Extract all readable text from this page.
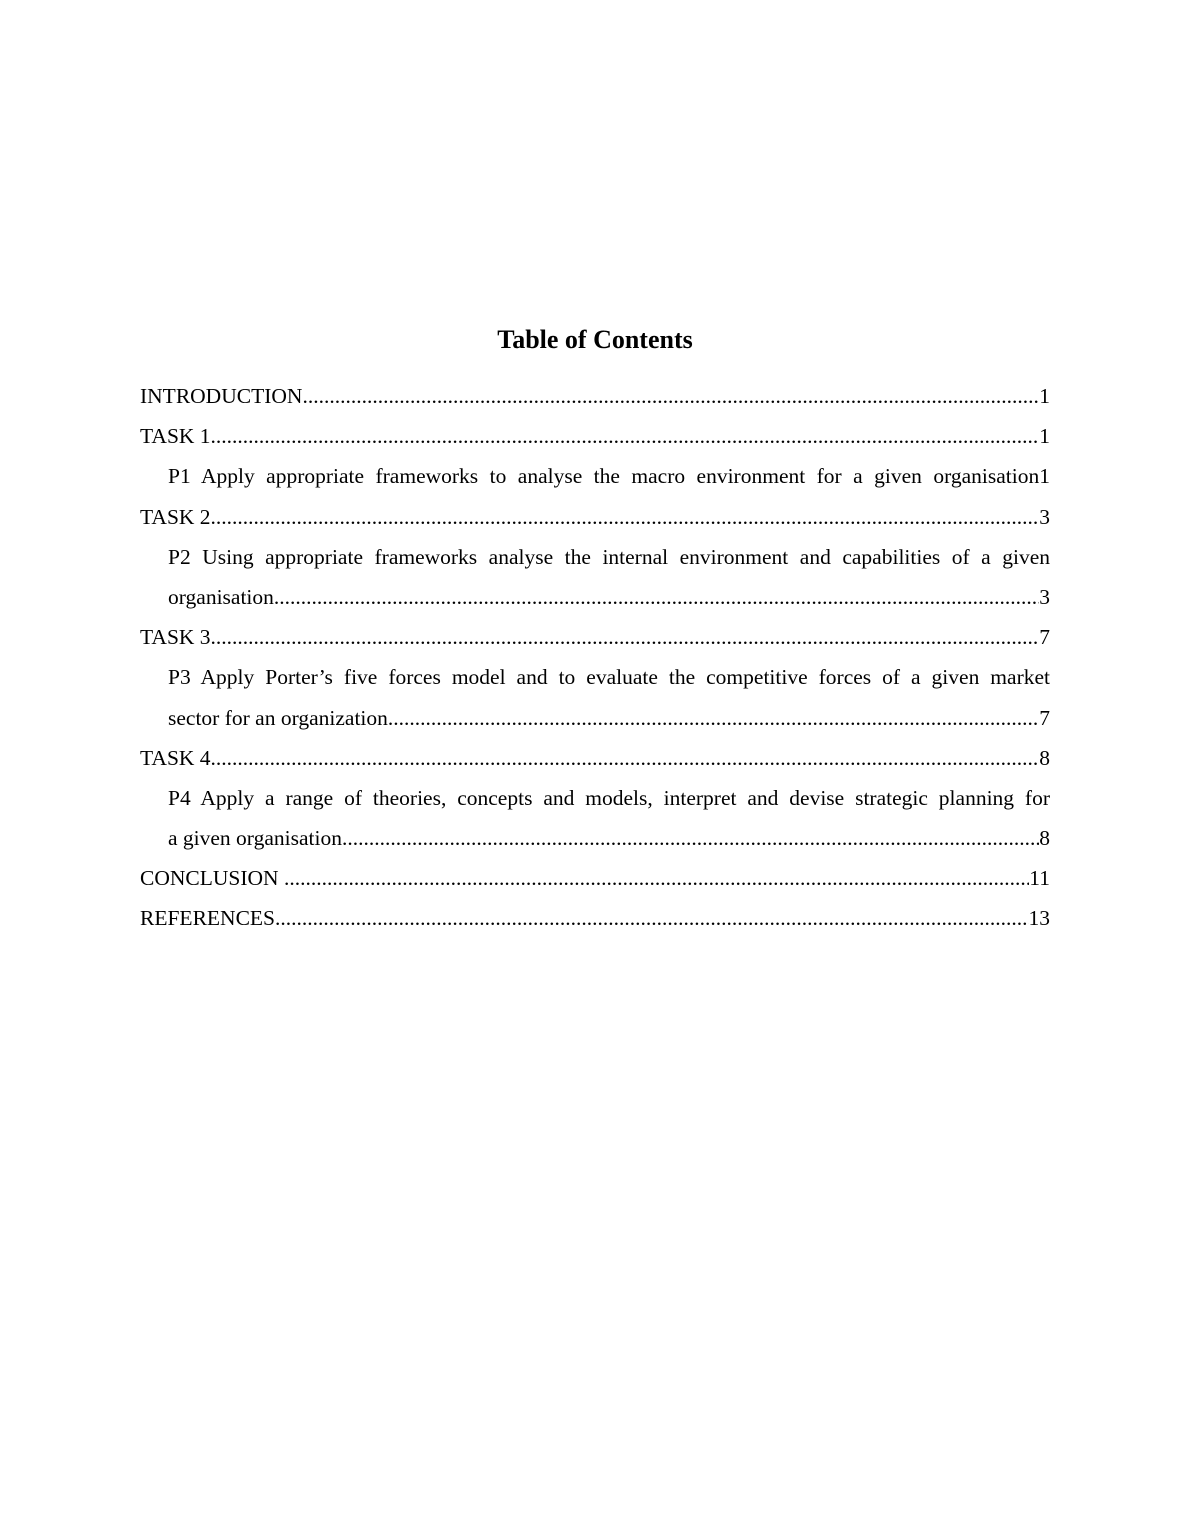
Table of Contents
INTRODUCTION .....	1
TASK 1 .....	1
P1 Apply appropriate frameworks to analyse the macro environment for a given organisation 1
TASK 2 .....	3
P2 Using appropriate frameworks analyse the internal environment and capabilities of a given
organisation .....	3
TASK 3 .....	7
P3 Apply Porter’s five forces model and to evaluate the competitive forces of a given market
sector for an organization .....	7
TASK 4 .....	8
P4 Apply a range of theories, concepts and models, interpret and devise strategic planning for
a given organisation .....	8
CONCLUSION .....	11
REFERENCES .....	13
